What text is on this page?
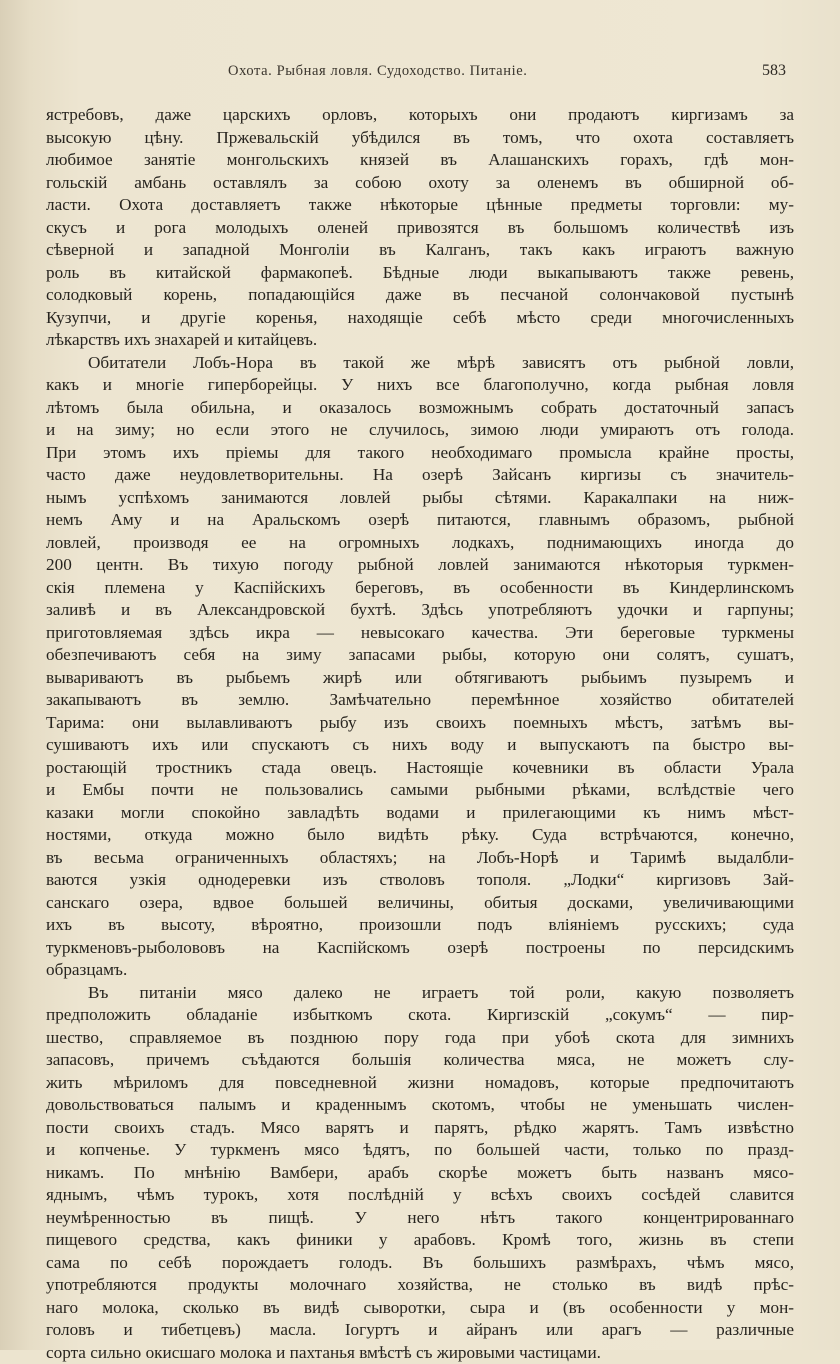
Охота. Рыбная ловля. Судоходство. Питаніе.	583
ястребовъ, даже царскихъ орловъ, которыхъ они продаютъ киргизамъ за
высокую цѣну. Пржевальскій убѣдился въ томъ, что охота составляетъ
любимое занятіе монгольскихъ князей въ Алашанскихъ горахъ, гдѣ мон-
гольскій амбань оставлялъ за собою охоту за оленемъ въ обширной об-
ласти. Охота доставляетъ также нѣкоторые цѣнные предметы торговли: му-
скусъ и рога молодыхъ оленей привозятся въ большомъ количествѣ изъ
сѣверной и западной Монголіи въ Калганъ, такъ какъ играютъ важную
роль въ китайской фармакопеѣ. Бѣдные люди выкапываютъ также ревень,
солодковый корень, попадающійся даже въ песчаной солончаковой пустынѣ
Кузупчи, и другіе коренья, находящіе себѣ мѣсто среди многочисленныхъ
лѣкарствъ ихъ знахарей и китайцевъ.
Обитатели Лобъ-Нора въ такой же мѣрѣ зависятъ отъ рыбной ловли,
какъ и многіе гиперборейцы. У нихъ все благополучно, когда рыбная ловля
лѣтомъ была обильна, и оказалось возможнымъ собрать достаточный запасъ
и на зиму; но если этого не случилось, зимою люди умираютъ отъ голода.
При этомъ ихъ пріемы для такого необходимаго промысла крайне просты,
часто даже неудовлетворительны. На озерѣ Зайсанъ киргизы съ значитель-
нымъ успѣхомъ занимаются ловлей рыбы сѣтями. Каракалпаки на ниж-
немъ Аму и на Аральскомъ озерѣ питаются, главнымъ образомъ, рыбной
ловлей, производя ее на огромныхъ лодкахъ, поднимающихъ иногда до
200 центн. Въ тихую погоду рыбной ловлей занимаются нѣкоторыя туркмен-
скія племена у Каспійскихъ береговъ, въ особенности въ Киндерлинскомъ
заливѣ и въ Александровской бухтѣ. Здѣсь употребляютъ удочки и гарпуны;
приготовляемая здѣсь икра — невысокаго качества. Эти береговые туркмены
обезпечиваютъ себя на зиму запасами рыбы, которую они солятъ, сушатъ,
вывариваютъ въ рыбьемъ жирѣ или обтягиваютъ рыбьимъ пузыремъ и
закапываютъ въ землю. Замѣчательно перемѣнное хозяйство обитателей
Тарима: они вылавливаютъ рыбу изъ своихъ поемныхъ мѣстъ, затѣмъ вы-
сушиваютъ ихъ или спускаютъ съ нихъ воду и выпускаютъ па быстро вы-
ростающій тростникъ стада овецъ. Настоящіе кочевники въ области Урала
и Ембы почти не пользовались самыми рыбными рѣками, вслѣдствіе чего
казаки могли спокойно завладѣть водами и прилегающими къ нимъ мѣст-
ностями, откуда можно было видѣть рѣку. Суда встрѣчаются, конечно,
въ весьма ограниченныхъ областяхъ; на Лобъ-Норѣ и Таримѣ выдалбли-
ваются узкія однодеревки изъ стволовъ тополя. „Лодки“ киргизовъ Зай-
санскаго озера, вдвое большей величины, обитыя досками, увеличивающими
ихъ въ высоту, вѣроятно, произошли подъ вліяніемъ русскихъ; суда
туркменовъ-рыболововъ на Каспійскомъ озерѣ построены по персидскимъ
образцамъ.
Въ питаніи мясо далеко не играетъ той роли, какую позволяетъ
предположить обладаніе избыткомъ скота. Киргизскій „сокумъ“ — пир-
шество, справляемое въ позднюю пору года при убоѣ скота для зимнихъ
запасовъ, причемъ съѣдаются большія количества мяса, не можетъ слу-
жить мѣриломъ для повседневной жизни номадовъ, которые предпочитаютъ
довольствоваться палымъ и краденнымъ скотомъ, чтобы не уменьшать числен-
пости своихъ стадъ. Мясо варятъ и парятъ, рѣдко жарятъ. Тамъ извѣстно
и копченье. У туркменъ мясо ѣдятъ, по большей части, только по празд-
никамъ. По мнѣнію Вамбери, арабъ скорѣе можетъ быть названъ мясо-
яднымъ, чѣмъ турокъ, хотя послѣдній у всѣхъ своихъ сосѣдей славится
неумѣренностью въ пищѣ. У него нѣтъ такого концентрированнаго
пищевого средства, какъ финики у арабовъ. Кромѣ того, жизнь въ степи
сама по себѣ порождаетъ голодъ. Въ большихъ размѣрахъ, чѣмъ мясо,
употребляются продукты молочнаго хозяйства, не столько въ видѣ прѣс-
наго молока, сколько въ видѣ сыворотки, сыра и (въ особенности у мон-
головъ и тибетцевъ) масла. Іогуртъ и айранъ или арагъ — различные
сорта сильно окисшаго молока и пахтанья вмѣстѣ съ жировыми частицами.
